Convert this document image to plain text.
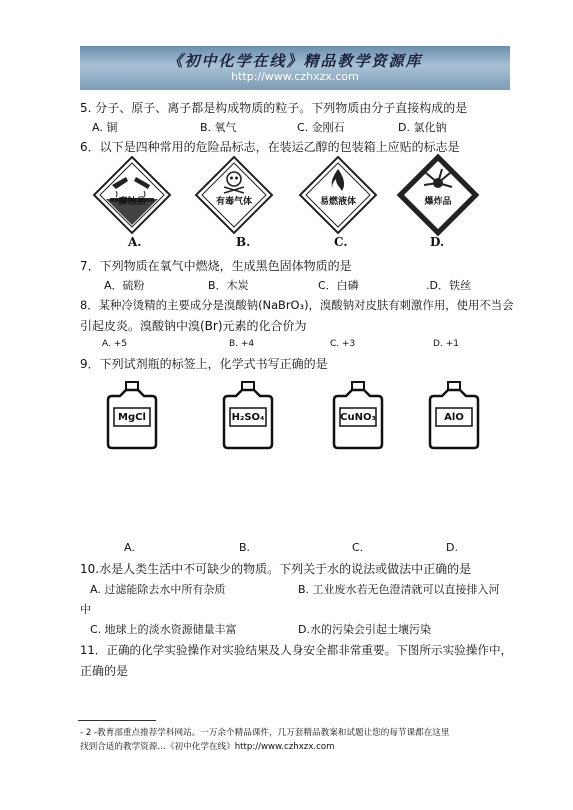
《初中化学在线》精品教学资源库
http://www.czhxzx.com
5. 分子、原子、离子都是构成物质的粒子。下列物质由分子直接构成的是
A. 铜	B. 氧气	C. 金刚石	D. 氯化钠
6．以下是四种常用的危险品标志，在装运乙醇的包装箱上应贴的标志是
腐蚀品	有毒气体	易燃液体	爆炸品
A.	B.	C.	D.
7．下列物质在氧气中燃烧，生成黑色固体物质的是
A．硫粉	B．木炭	C．白磷	.D．铁丝
8．某种冷烫精的主要成分是溴酸钠(NaBrO₃)，溴酸钠对皮肤有刺激作用，使用不当会
引起皮炎。溴酸钠中溴(Br)元素的化合价为
A. +5	B. +4	C. +3	D. +1
9．下列试剂瓶的标签上，化学式书写正确的是
MgCl	H₂SO₄	CuNO₃	AlO
A.	B.	C.	D.
10.水是人类生活中不可缺少的物质。下列关于水的说法或做法中正确的是
A. 过滤能除去水中所有杂质	B. 工业废水若无色澄清就可以直接排入河
中
C. 地球上的淡水资源储量丰富	D.水的污染会引起土壤污染
11．正确的化学实验操作对实验结果及人身安全都非常重要。下图所示实验操作中，
正确的是
- 2 -教育部重点推荐学科网站。一万余个精品课件，几万套精品教案和试题让您的每节课都在这里
找到合适的教学资源…《初中化学在线》http://www.czhxzx.com
